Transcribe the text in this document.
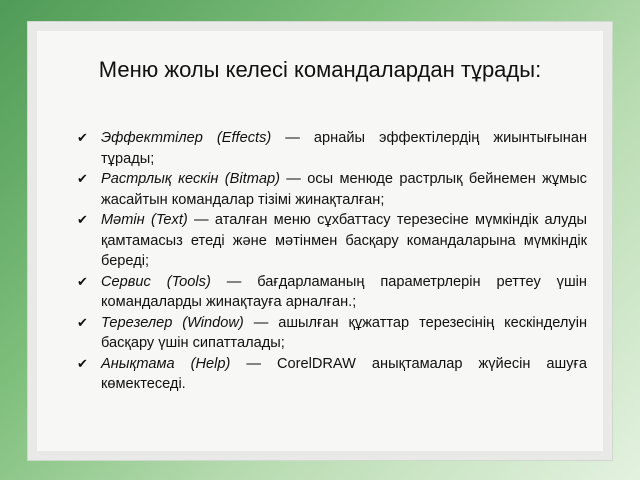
Меню жолы келесі командалардан тұрады:
✔ Эффекттілер (Effects) — арнайы эффектілердің жиынтығынан тұрады;
✔ Растрлық кескін (Bitmap) — осы менюде растрлық бейнемен жұмыс жасайтын командалар тізімі жинақталған;
✔ Мәтін (Text) — аталған меню сұхбаттасу терезесіне мүмкіндік алуды қамтамасыз етеді және мәтінмен басқару командаларына мүмкіндік береді;
✔ Сервис (Tools) — бағдарламаның параметрлерін реттеу үшін командаларды жинақтауға арналған.;
✔ Терезелер (Window) — ашылған құжаттар терезесінің кескінделуін басқару үшін сипатталады;
✔ Анықтама (Help) — CorelDRAW анықтамалар жүйесін ашуға көмектеседі.
